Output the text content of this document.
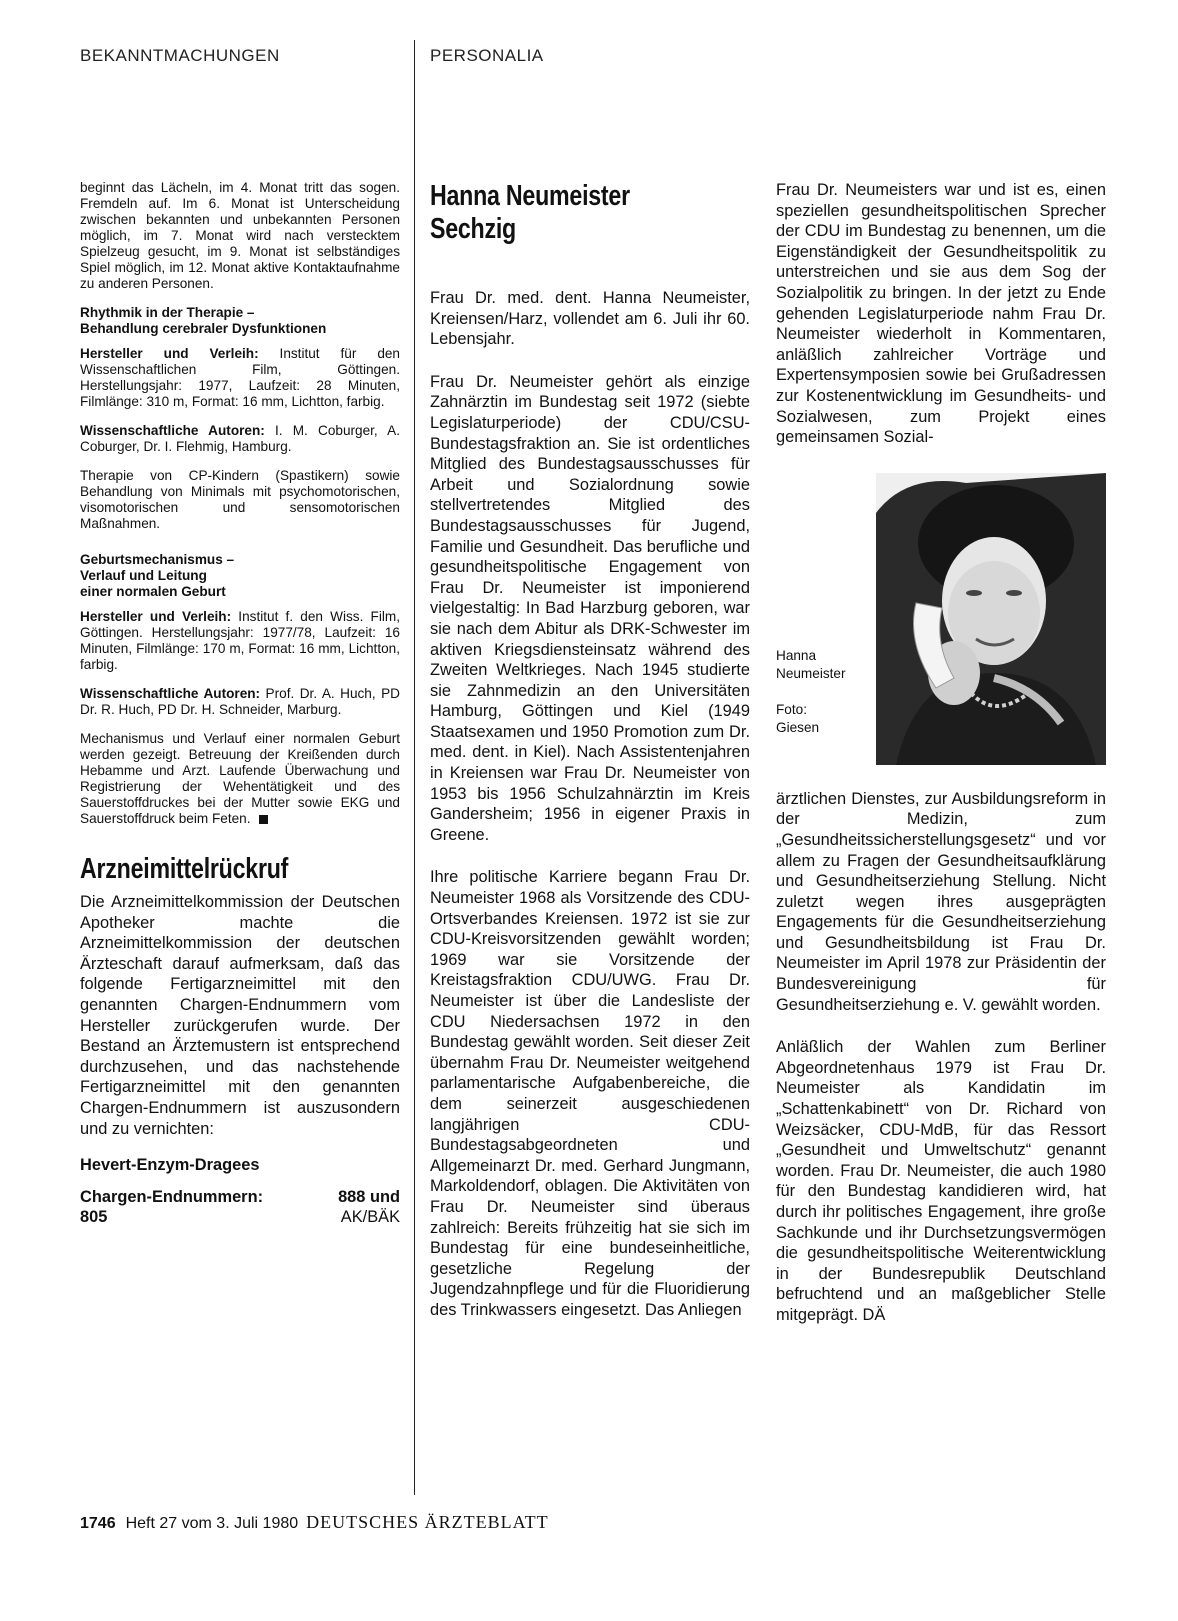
BEKANNTMACHUNGEN	PERSONALIA

beginnt das Lächeln, im 4. Monat tritt das sogen. Fremdeln auf. Im 6. Monat ist Unterscheidung zwischen bekannten und unbekannten Personen möglich, im 7. Monat wird nach verstecktem Spielzeug gesucht, im 9. Monat ist selbständiges Spiel möglich, im 12. Monat aktive Kontaktaufnahme zu anderen Personen.

Rhythmik in der Therapie –
Behandlung cerebraler Dysfunktionen

Hersteller und Verleih: Institut für den Wissenschaftlichen Film, Göttingen. Herstellungsjahr: 1977, Laufzeit: 28 Minuten, Filmlänge: 310 m, Format: 16 mm, Lichtton, farbig.

Wissenschaftliche Autoren: I. M. Coburger, A. Coburger, Dr. I. Flehmig, Hamburg.

Therapie von CP-Kindern (Spastikern) sowie Behandlung von Minimals mit psychomotorischen, visomotorischen und sensomotorischen Maßnahmen.

Geburtsmechanismus –
Verlauf und Leitung
einer normalen Geburt

Hersteller und Verleih: Institut f. den Wiss. Film, Göttingen. Herstellungsjahr: 1977/78, Laufzeit: 16 Minuten, Filmlänge: 170 m, Format: 16 mm, Lichtton, farbig.

Wissenschaftliche Autoren: Prof. Dr. A. Huch, PD Dr. R. Huch, PD Dr. H. Schneider, Marburg.

Mechanismus und Verlauf einer normalen Geburt werden gezeigt. Betreuung der Kreißenden durch Hebamme und Arzt. Laufende Überwachung und Registrierung der Wehentätigkeit und des Sauerstoffdruckes bei der Mutter sowie EKG und Sauerstoffdruck beim Feten.

Arzneimittelrückruf

Die Arzneimittelkommission der Deutschen Apotheker machte die Arzneimittelkommission der deutschen Ärzteschaft darauf aufmerksam, daß das folgende Fertigarzneimittel mit den genannten Chargen-Endnummern vom Hersteller zurückgerufen wurde. Der Bestand an Ärztemustern ist entsprechend durchzusehen, und das nachstehende Fertigarzneimittel mit den genannten Chargen-Endnummern ist auszusondern und zu vernichten:

Hevert-Enzym-Dragees
Chargen-Endnummern:	888 und
805	AK/BÄK
Hanna Neumeister
Sechzig

Frau Dr. med. dent. Hanna Neumeister, Kreiensen/Harz, vollendet am 6. Juli ihr 60. Lebensjahr.

Frau Dr. Neumeister gehört als einzige Zahnärztin im Bundestag seit 1972 (siebte Legislaturperiode) der CDU/CSU-Bundestagsfraktion an. Sie ist ordentliches Mitglied des Bundestagsausschusses für Arbeit und Sozialordnung sowie stellvertretendes Mitglied des Bundestagsausschusses für Jugend, Familie und Gesundheit. Das berufliche und gesundheitspolitische Engagement von Frau Dr. Neumeister ist imponierend vielgestaltig: In Bad Harzburg geboren, war sie nach dem Abitur als DRK-Schwester im aktiven Kriegsdiensteinsatz während des Zweiten Weltkrieges. Nach 1945 studierte sie Zahnmedizin an den Universitäten Hamburg, Göttingen und Kiel (1949 Staatsexamen und 1950 Promotion zum Dr. med. dent. in Kiel). Nach Assistentenjahren in Kreiensen war Frau Dr. Neumeister von 1953 bis 1956 Schulzahnärztin im Kreis Gandersheim; 1956 in eigener Praxis in Greene.

Ihre politische Karriere begann Frau Dr. Neumeister 1968 als Vorsitzende des CDU-Ortsverbandes Kreiensen. 1972 ist sie zur CDU-Kreisvorsitzenden gewählt worden; 1969 war sie Vorsitzende der Kreistagsfraktion CDU/UWG. Frau Dr. Neumeister ist über die Landesliste der CDU Niedersachsen 1972 in den Bundestag gewählt worden. Seit dieser Zeit übernahm Frau Dr. Neumeister weitgehend parlamentarische Aufgabenbereiche, die dem seinerzeit ausgeschiedenen langjährigen CDU-Bundestagsabgeordneten und Allgemeinarzt Dr. med. Gerhard Jungmann, Markoldendorf, oblagen. Die Aktivitäten von Frau Dr. Neumeister sind überaus zahlreich: Bereits frühzeitig hat sie sich im Bundestag für eine bundeseinheitliche, gesetzliche Regelung der Jugendzahnpflege und für die Fluoridierung des Trinkwassers eingesetzt. Das Anliegen

Frau Dr. Neumeisters war und ist es, einen speziellen gesundheitspolitischen Sprecher der CDU im Bundestag zu benennen, um die Eigenständigkeit der Gesundheitspolitik zu unterstreichen und sie aus dem Sog der Sozialpolitik zu bringen. In der jetzt zu Ende gehenden Legislaturperiode nahm Frau Dr. Neumeister wiederholt in Kommentaren, anläßlich zahlreicher Vorträge und Expertensymposien sowie bei Grußadressen zur Kostenentwicklung im Gesundheits- und Sozialwesen, zum Projekt eines gemeinsamen Sozial-

Hanna
Neumeister
Foto:
Giesen

ärztlichen Dienstes, zur Ausbildungsreform in der Medizin, zum „Gesundheitssicherstellungsgesetz“ und vor allem zu Fragen der Gesundheitsaufklärung und Gesundheitserziehung Stellung. Nicht zuletzt wegen ihres ausgeprägten Engagements für die Gesundheitserziehung und Gesundheitsbildung ist Frau Dr. Neumeister im April 1978 zur Präsidentin der Bundesvereinigung für Gesundheitserziehung e. V. gewählt worden.

Anläßlich der Wahlen zum Berliner Abgeordnetenhaus 1979 ist Frau Dr. Neumeister als Kandidatin im „Schattenkabinett“ von Dr. Richard von Weizsäcker, CDU-MdB, für das Ressort „Gesundheit und Umweltschutz“ genannt worden. Frau Dr. Neumeister, die auch 1980 für den Bundestag kandidieren wird, hat durch ihr politisches Engagement, ihre große Sachkunde und ihr Durchsetzungsvermögen die gesundheitspolitische Weiterentwicklung in der Bundesrepublik Deutschland befruchtend und an maßgeblicher Stelle mitgeprägt. DÄ

1746 Heft 27 vom 3. Juli 1980 DEUTSCHES ÄRZTEBLATT
